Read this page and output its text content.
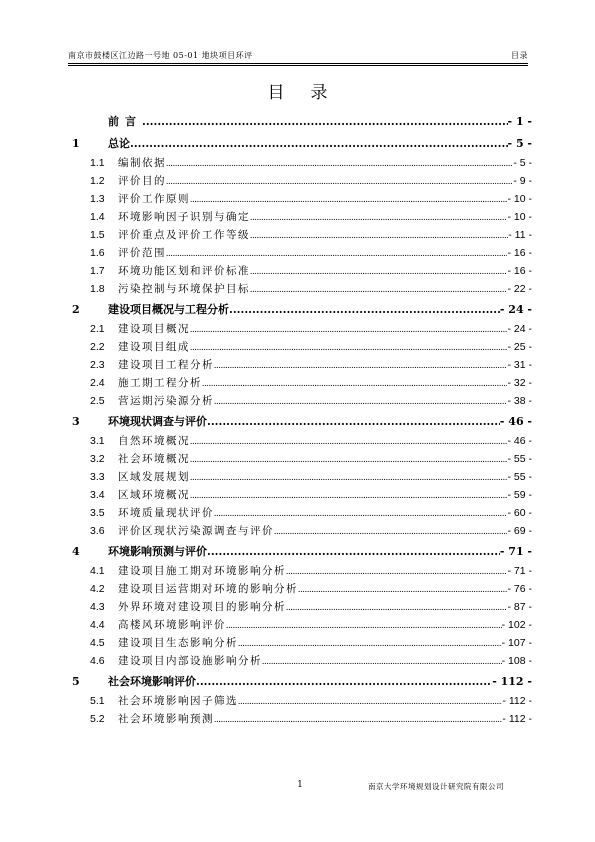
南京市鼓楼区江边路一号地 05-01 地块项目环评	目录
目录
前言 .....	- 1 -
1	总论 .....	- 5 -
1.1	编制依据 .....	- 5 -
1.2	评价目的 .....	- 9 -
1.3	评价工作原则 .....	- 10 -
1.4	环境影响因子识别与确定 .....	- 10 -
1.5	评价重点及评价工作等级 .....	- 11 -
1.6	评价范围 .....	- 16 -
1.7	环境功能区划和评价标准 .....	- 16 -
1.8	污染控制与环境保护目标 .....	- 22 -
2	建设项目概况与工程分析 .....	- 24 -
2.1	建设项目概况 .....	- 24 -
2.2	建设项目组成 .....	- 25 -
2.3	建设项目工程分析 .....	- 31 -
2.4	施工期工程分析 .....	- 32 -
2.5	营运期污染源分析 .....	- 38 -
3	环境现状调查与评价 .....	- 46 -
3.1	自然环境概况 .....	- 46 -
3.2	社会环境概况 .....	- 55 -
3.3	区域发展规划 .....	- 55 -
3.4	区域环境概况 .....	- 59 -
3.5	环境质量现状评价 .....	- 60 -
3.6	评价区现状污染源调查与评价 .....	- 69 -
4	环境影响预测与评价 .....	- 71 -
4.1	建设项目施工期对环境影响分析 .....	- 71 -
4.2	建设项目运营期对环境的影响分析 .....	- 76 -
4.3	外界环境对建设项目的影响分析 .....	- 87 -
4.4	高楼风环境影响评价 .....	- 102 -
4.5	建设项目生态影响分析 .....	- 107 -
4.6	建设项目内部设施影响分析 .....	- 108 -
5	社会环境影响评价 .....	- 112 -
5.1	社会环境影响因子筛选 .....	- 112 -
5.2	社会环境影响预测 .....	- 112 -
1	南京大学环境规划设计研究院有限公司
